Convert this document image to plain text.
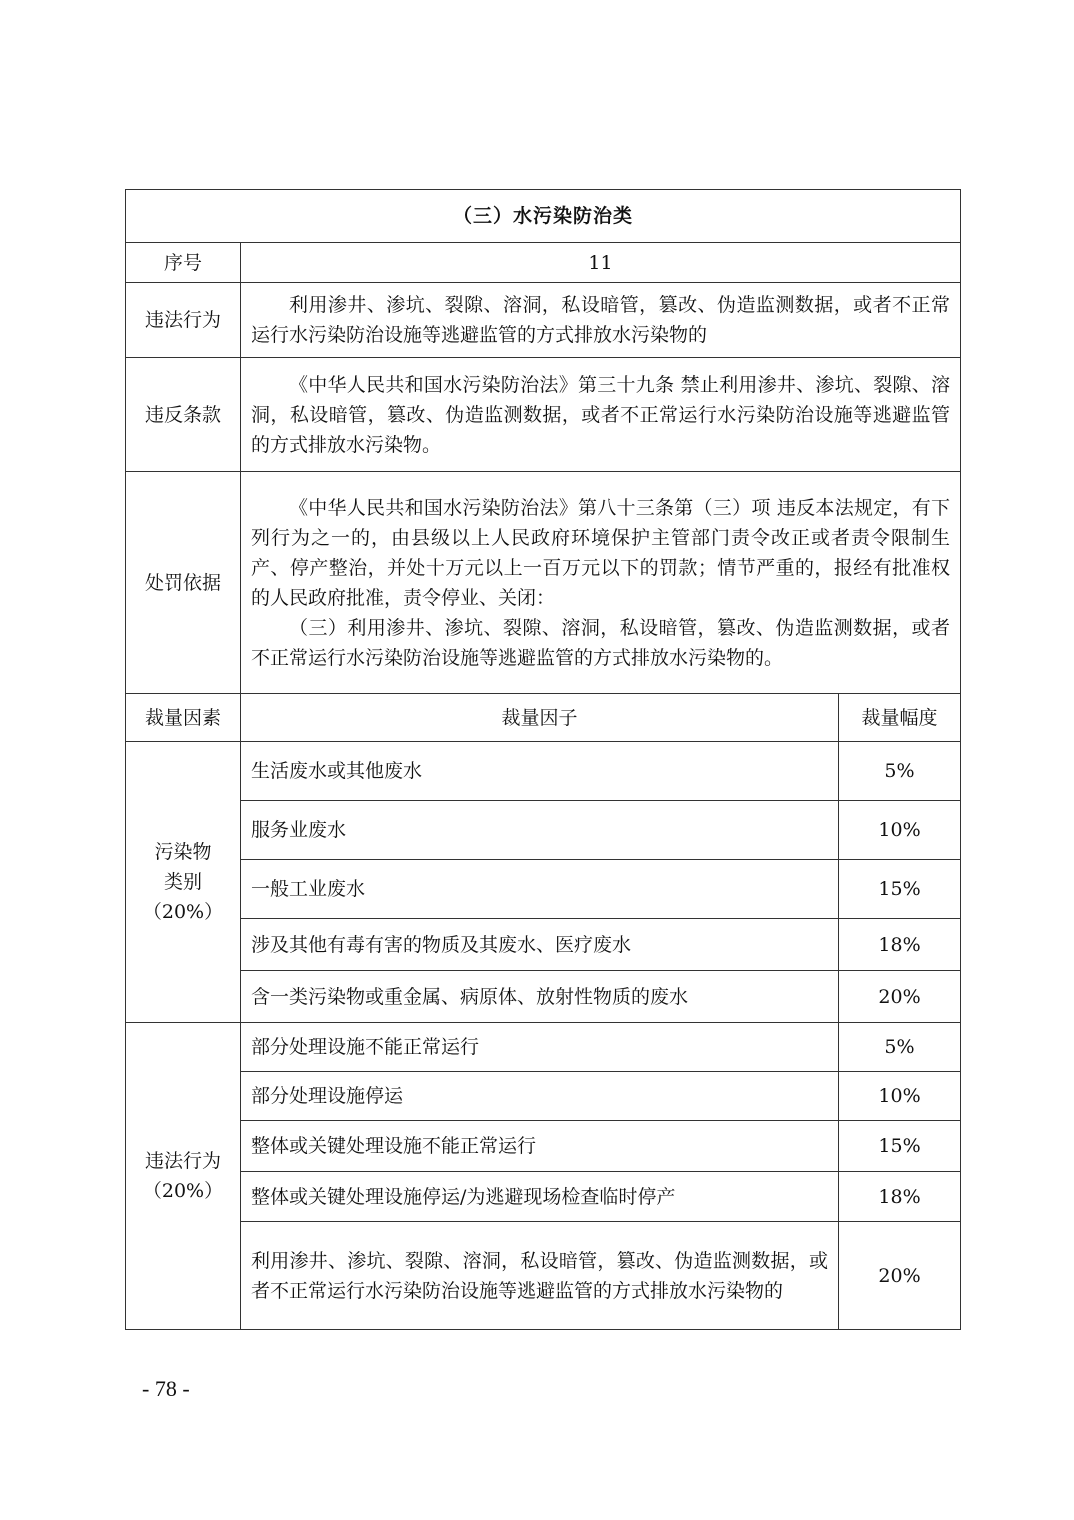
（三）水污染防治类		
序号	11	
违法行为	利用渗井、渗坑、裂隙、溶洞，私设暗管，篡改、伪造监测数据，或者不正常运行水污染防治设施等逃避监管的方式排放水污染物的	

违反条款	《中华人民共和国水污染防治法》第三十九条 禁止利用渗井、渗坑、裂隙、溶洞，私设暗管，篡改、伪造监测数据，或者不正常运行水污染防治设施等逃避监管的方式排放水污染物。	

处罚依据	《中华人民共和国水污染防治法》第八十三条第（三）项 违反本法规定，有下列行为之一的，由县级以上人民政府环境保护主管部门责令改正或者责令限制生产、停产整治，并处十万元以上一百万元以下的罚款；情节严重的，报经有批准权的人民政府批准，责令停业、关闭：

（三）利用渗井、渗坑、裂隙、溶洞，私设暗管，篡改、伪造监测数据，或者不正常运行水污染防治设施等逃避监管的方式排放水污染物的。	

裁量因素	裁量因子	裁量幅度

污染物
类别
（20%）	生活废水或其他废水	5%
	服务业废水	10%
	一般工业废水	15%
	涉及其他有毒有害的物质及其废水、医疗废水	18%
	含一类污染物或重金属、病原体、放射性物质的废水	20%

违法行为
（20%）	部分处理设施不能正常运行	5%
	部分处理设施停运	10%
	整体或关键处理设施不能正常运行	15%
	整体或关键处理设施停运/为逃避现场检查临时停产	18%
	利用渗井、渗坑、裂隙、溶洞，私设暗管，篡改、伪造监测数据，或者不正常运行水污染防治设施等逃避监管的方式排放水污染物的	20%
- 78 -
